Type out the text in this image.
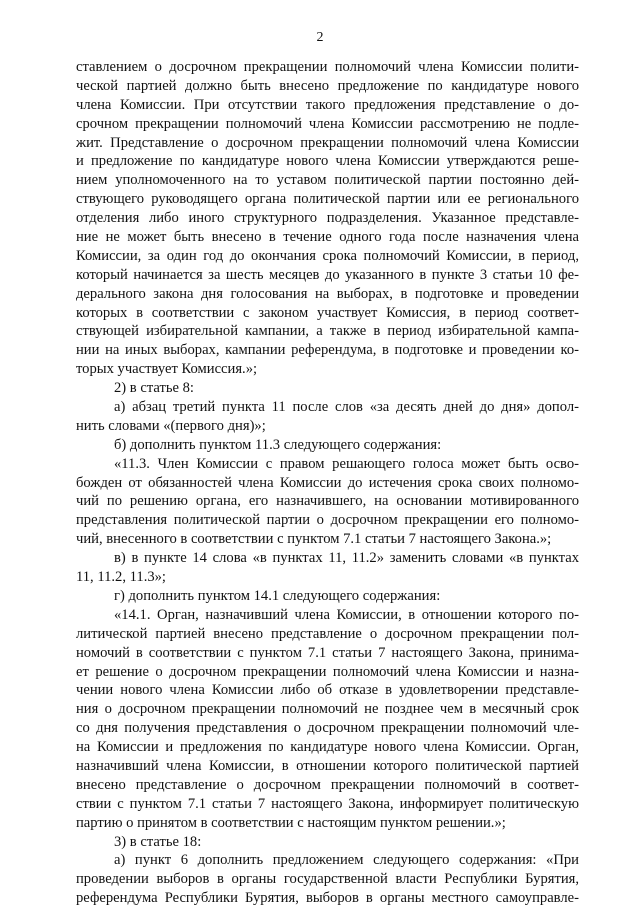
2
ставлением о досрочном прекращении полномочий члена Комиссии полити-
ческой партией должно быть внесено предложение по кандидатуре нового
члена Комиссии. При отсутствии такого предложения представление о до-
срочном прекращении полномочий члена Комиссии рассмотрению не подле-
жит. Представление о досрочном прекращении полномочий члена Комиссии
и предложение по кандидатуре нового члена Комиссии утверждаются реше-
нием уполномоченного на то уставом политической партии постоянно дей-
ствующего руководящего органа политической партии или ее регионального
отделения либо иного структурного подразделения. Указанное представле-
ние не может быть внесено в течение одного года после назначения члена
Комиссии, за один год до окончания срока полномочий Комиссии, в период,
который начинается за шесть месяцев до указанного в пункте 3 статьи 10 фе-
дерального закона дня голосования на выборах, в подготовке и проведении
которых в соответствии с законом участвует Комиссия, в период соответ-
ствующей избирательной кампании, а также в период избирательной кампа-
нии на иных выборах, кампании референдума, в подготовке и проведении ко-
торых участвует Комиссия.»;
2) в статье 8:
а) абзац третий пункта 11 после слов «за десять дней до дня» допол-
нить словами «(первого дня)»;
б) дополнить пунктом 11.3 следующего содержания:
«11.3. Член Комиссии с правом решающего голоса может быть осво-
божден от обязанностей члена Комиссии до истечения срока своих полномо-
чий по решению органа, его назначившего, на основании мотивированного
представления политической партии о досрочном прекращении его полномо-
чий, внесенного в соответствии с пунктом 7.1 статьи 7 настоящего Закона.»;
в) в пункте 14 слова «в пунктах 11, 11.2» заменить словами «в пунктах
11, 11.2, 11.3»;
г) дополнить пунктом 14.1 следующего содержания:
«14.1. Орган, назначивший члена Комиссии, в отношении которого по-
литической партией внесено представление о досрочном прекращении пол-
номочий в соответствии с пунктом 7.1 статьи 7 настоящего Закона, принима-
ет решение о досрочном прекращении полномочий члена Комиссии и назна-
чении нового члена Комиссии либо об отказе в удовлетворении представле-
ния о досрочном прекращении полномочий не позднее чем в месячный срок
со дня получения представления о досрочном прекращении полномочий чле-
на Комиссии и предложения по кандидатуре нового члена Комиссии. Орган,
назначивший члена Комиссии, в отношении которого политической партией
внесено представление о досрочном прекращении полномочий в соответ-
ствии с пунктом 7.1 статьи 7 настоящего Закона, информирует политическую
партию о принятом в соответствии с настоящим пунктом решении.»;
3) в статье 18:
а) пункт 6 дополнить предложением следующего содержания: «При
проведении выборов в органы государственной власти Республики Бурятия,
референдума Республики Бурятия, выборов в органы местного самоуправле-
